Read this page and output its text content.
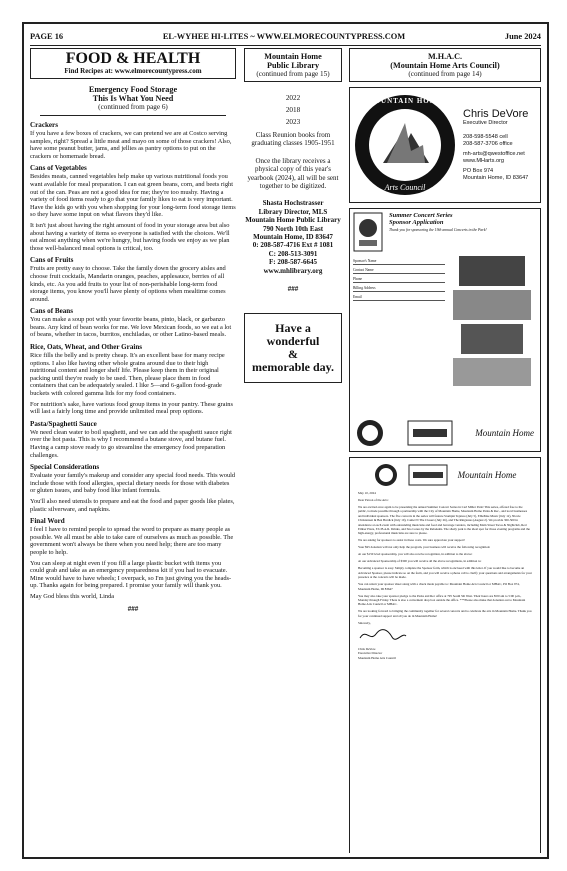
PAGE 16	EL-WYHEE HI-LITES ~ WWW.ELMORECOUNTYPRESS.COM	June 2024
FOOD & HEALTH
Find Recipes at: www.elmorecountypress.com
Emergency Food Storage
This Is What You Need
(continued from page 6)
Crackers
If you have a few boxes of crackers, we can pretend we are at Costco serving samples, right? Spread a little meat and mayo on some of those crackers! Also, have some peanut butter, jams, and jellies as pantry options to put on the crackers or homemade bread.
Cans of Vegetables
Besides meats, canned vegetables help make up various nutritional foods you want available for meal preparation. I can eat green beans, corn, and beets right out of the can. Peas are not a good idea for me; they're too mushy. Having a variety of food items ready to go that your family likes to eat is very important. Have the kids go with you when shopping for your long-term food storage items so they have some input on what flavors they'd like.
It isn't just about having the right amount of food in your storage area but also about having a variety of items so everyone is satisfied with the choices. We'll eat almost anything when we're hungry, but having foods we enjoy as we plan those well-balanced meal options is critical, too.
Cans of Fruits
Fruits are pretty easy to choose. Take the family down the grocery aisles and choose fruit cocktails, Mandarin oranges, peaches, applesauce, berries of all kinds, etc. As you add fruits to your list of non-perishable long-term food storage items, you know you'll have plenty of options when mealtime comes around.
Cans of Beans
You can make a soup pot with your favorite beans, pinto, black, or garbanzo beans. Any kind of bean works for me. We love Mexican foods, so we eat a lot of beans, whether in tacos, burritos, enchiladas, or other Latino-based meals.
Rice, Oats, Wheat, and Other Grains
Rice fills the belly and is pretty cheap. It's an excellent base for many recipe options. I also like having other whole grains around due to their high nutritional content and longer shelf life. Please keep them in their original packing until they're ready to be used. Then, please place them in food containers that can be adequately sealed. I like 5—and 6-gallon food-grade buckets with colored gamma lids for my food containers.
For nutrition's sake, have various food group items in your pantry. These grains will last a fairly long time and provide unlimited meal prep options.
Pasta/Spaghetti Sauce
We need clean water to boil spaghetti, and we can add the spaghetti sauce right over the hot pasta. This is why I recommend a butane stove, and butane fuel. Having a camp stove ready to go streamline the emergency food preparation challenges.
Special Considerations
Evaluate your family's makeup and consider any special food needs. This would include those with food allergies, special dietary needs for those with diabetes or gluten issues, and baby food like infant formula.
You'll also need utensils to prepare and eat the food and paper goods like plates, plastic silverware, and napkins.
Final Word
I feel I have to remind people to spread the word to prepare as many people as possible. We all must be able to take care of ourselves as much as possible. The government won't always be there when you need help; there are too many people to help.
You can sleep at night even if you fill a large plastic bucket with items you could grab and take as an emergency preparedness kit if you had to evacuate. Mine would have to have wheels; I overpack, so I'm just giving you the heads-up. Thanks again for being prepared. I promise your family will thank you.
May God bless this world, Linda
###
Mountain Home
Public Library
(continued from page 15)
2022
2018
2023
Class Reunion books from graduating classes 1905-1951
Once the library receives a physical copy of this year's yearbook (2024), all will be sent together to be digitized.
Shasta Hochstrasser
Library Director, MLS
Mountain Home Public Library
790 North 10th East
Mountain Home, ID 83647
0: 208-587-4716 Ext # 1081
C: 208-513-3091
F: 208-587-6645
www.mhlibrary.org
###
Have a
wonderful
&
memorable day.
M.H.A.C.
(Mountain Home Arts Council)
(continued from page 14)
MOUNTAIN HOME
Arts Council
Chris DeVore
Executive Director
208-598-5548 cell
208-587-3706 office
mh-arts@qwestoffice.net
www.MHarts.org
PO Box 974
Mountain Home, ID 83647
Summer Concert Series
Sponsor Application
Thank you for sponsoring the 19th annual Concerts in the Park!
Sponsor's Name
Contact Name
Phone
Billing Address
Email
Mountain Home
Mountain Home
May 10, 2024
Dear Patron of the Arts:
We are excited once again to be presenting the annual Summer Concert Series in Carl Miller Park! This series, offered free to the public, is made possible through a partnership with the City of Mountain Home, Mountain Home Parks & Rec., and local businesses and individual sponsors. The five concerts in the series will feature Stompin Tejanos (July 5), EllieMae Music (July 12), Nicole Christensen & Ben Burdick (July 19), Camel N The Closers (July 26), and The Ringtones (August 2). We provide 300-500 in attendance at each event with outstanding musicians and food and beverage vendors, including Main Street Tacos & Nightclub, Red Ember Pizza, F.U.B.A.R. Drinks, and Sno Cones by the Rebekahs. The shady park is the ideal spot for those evening programs and the high-energy, professional musicians are sure to please.
We are asking for sponsors to assist in these costs. We sure appreciate your support!
Your $95 donation will not only help the program, your business will receive the following recognition:
At our $150 level sponsorship, you will also receive recognition, in addition to the above:
At our Advanced Sponsorship of $300 you will receive all the above recognitions, in addition to:
Becoming a sponsor is easy. Simply complete the Sponsor form, which is enclosed with this letter. If you would like to become an Advanced Sponsor, please indicate so on the form, and you will receive a phone call to clarify your questions and arrangements for your presence at the concerts will be made.
You can return your sponsor sheet along with a check made payable to: Mountain Home Arts Council or MHAC, PO Box 974, Mountain Home, ID 83647
You may also take your sponsor pledge to the Parks and Rec office at 795 South 5th West. Their hours are 8:00 am to 5:00 p.m., Monday through Friday. There is also a convenient drop box outside the office. ***Please also make that donation out to Mountain Home Arts Council or MHAC.
We are looking forward to bringing the community together for several concerts and to celebrate the arts in Mountain Home. Thank you for your continued support and all you do in Mountain Home!
Sincerely,
Chris DeVore
Executive Director
Mountain Home Arts Council
